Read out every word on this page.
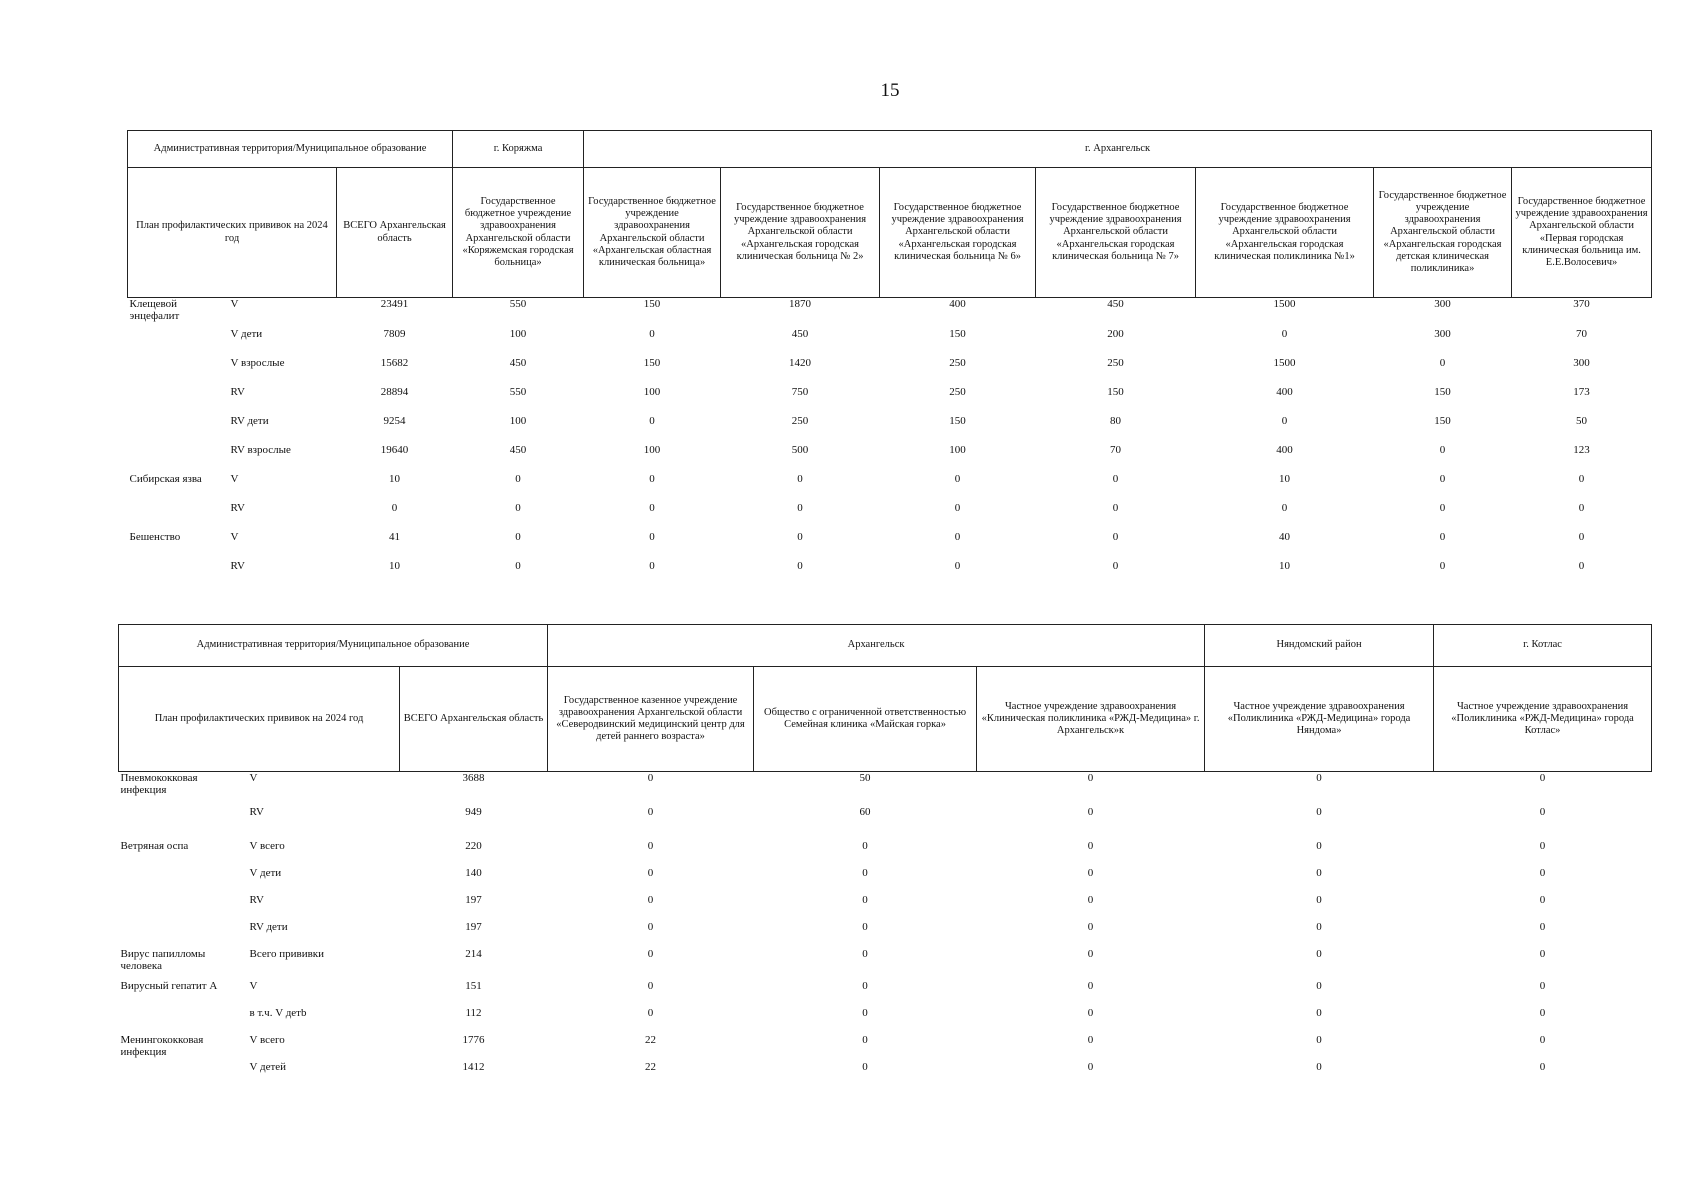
15
Административная территория/Муниципальное образование			г. Коряжма	г. Архангельск						
План профилактических прививок на 2024 год		ВСЕГО Архангельская область	Государственное бюджетное учреждение здравоохранения Архангельской области «Коряжемская городская больница»	Государственное бюджетное учреждение здравоохранения Архангельской области «Архангельская областная клиническая больница»	Государственное бюджетное учреждение здравоохранения Архангельской области «Архангельская городская клиническая больница № 2»	Государственное бюджетное учреждение здравоохранения Архангельской области «Архангельская городская клиническая больница № 6»	Государственное бюджетное учреждение здравоохранения Архангельской области «Архангельская городская клиническая больница № 7»	Государственное бюджетное учреждение здравоохранения Архангельской области «Архангельская городская клиническая поликлиника №1»	Государственное бюджетное учреждение здравоохранения Архангельской области «Архангельская городская детская клиническая поликлиника»	Государственное бюджетное учреждение здравоохранения Архангельской области «Первая городская клиническая больница им. Е.Е.Волосевич»
Клещевой энцефалит	V	23491	550	150	1870	400	450	1500	300	370
	V дети	7809	100	0	450	150	200	0	300	70
	V взрослые	15682	450	150	1420	250	250	1500	0	300
	RV	28894	550	100	750	250	150	400	150	173
	RV дети	9254	100	0	250	150	80	0	150	50
	RV взрослые	19640	450	100	500	100	70	400	0	123
Сибирская язва	V	10	0	0	0	0	0	10	0	0
	RV	0	0	0	0	0	0	0	0	0
Бешенство	V	41	0	0	0	0	0	40	0	0
	RV	10	0	0	0	0	0	10	0	0
Административная территория/Муниципальное образование			Архангельск			Няндомский район	г. Котлас
План профилактических прививок на 2024 год		ВСЕГО Архангельская область	Государственное казенное учреждение здравоохранения Архангельской области «Северодвинский медицинский центр для детей раннего возраста»	Общество с ограниченной ответственностью Семейная клиника «Майская горка»	Частное учреждение здравоохранения «Клиническая поликлиника «РЖД-Медицина» г. Архангельск»к	Частное учреждение здравоохранения «Поликлиника «РЖД-Медицина» города Няндома»	Частное учреждение здравоохранения «Поликлиника «РЖД-Медицина» города Котлас»
Пневмококковая инфекция	V	3688	0	50	0	0	0
	RV	949	0	60	0	0	0
Ветряная оспа	V всего	220	0	0	0	0	0
	V дети	140	0	0	0	0	0
	RV	197	0	0	0	0	0
	RV дети	197	0	0	0	0	0
Вирус папилломы человека	Всего прививки	214	0	0	0	0	0
Вирусный гепатит А	V	151	0	0	0	0	0
	в т.ч. V детb	112	0	0	0	0	0
Менингококковая инфекция	V всего	1776	22	0	0	0	0
	V детей	1412	22	0	0	0	0
